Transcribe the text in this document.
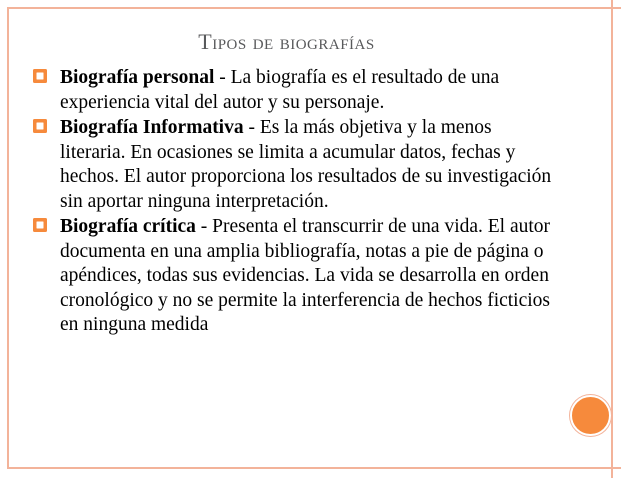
Tipos de biografías
Biografía personal - La biografía es el resultado de una experiencia vital del autor y su personaje.
Biografía Informativa - Es la más objetiva y la menos literaria. En ocasiones se limita a acumular datos, fechas y hechos. El autor proporciona los resultados de su investigación sin aportar ninguna interpretación.
Biografía crítica - Presenta el transcurrir de una vida. El autor documenta en una amplia bibliografía, notas a pie de página o apéndices, todas sus evidencias. La vida se desarrolla en orden cronológico y no se permite la interferencia de hechos ficticios en ninguna medida
